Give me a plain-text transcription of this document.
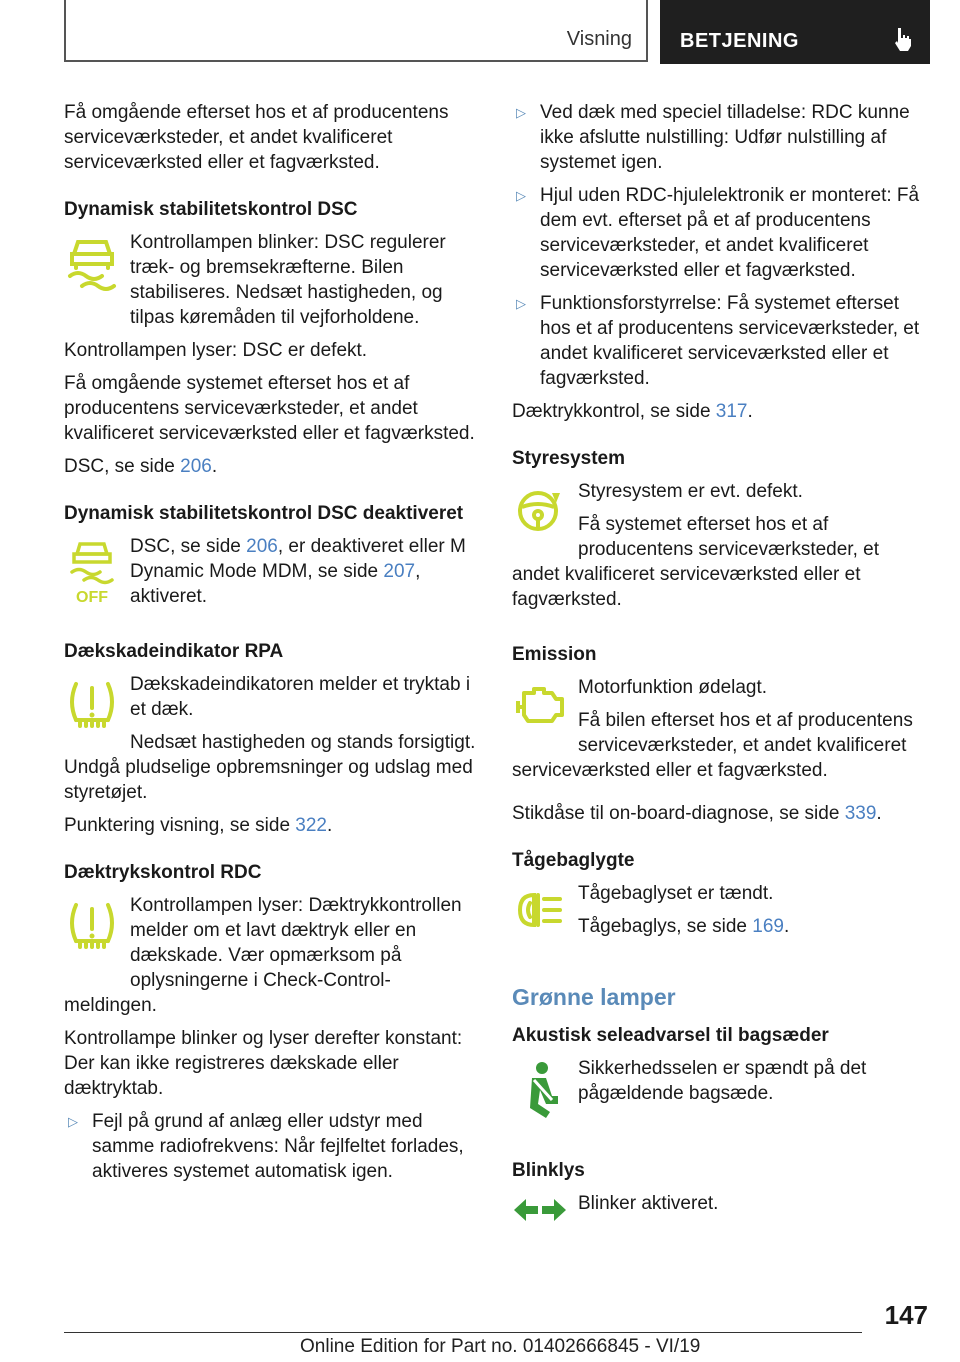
Visning BETJENING

Få omgående efterset hos et af producentens serviceværksteder, et andet kvalificeret serviceværksted eller et fagværksted.

Dynamisk stabilitetskontrol DSC

Kontrollampen blinker: DSC regulerer træk- og bremsekræfterne. Bilen stabiliseres. Nedsæt hastigheden, og tilpas køremåden til vejforholdene.

Kontrollampen lyser: DSC er defekt.

Få omgående systemet efterset hos et af producentens serviceværksteder, et andet kvalificeret serviceværksted eller et fagværksted.

DSC, se side 206.

Dynamisk stabilitetskontrol DSC deaktiveret
OFF

DSC, se side 206, er deaktiveret eller M Dynamic Mode MDM, se side 207, aktiveret.

Dækskadeindikator RPA

Dækskadeindikatoren melder et tryktab i et dæk.

Nedsæt hastigheden og stands forsigtigt. Undgå pludselige opbremsninger og udslag med styretøjet.

Punktering visning, se side 322.

Dæktrykskontrol RDC

Kontrollampen lyser: Dæktrykkontrollen melder om et lavt dæktryk eller en dækskade. Vær opmærksom på oplysningerne i Check-Control-meldingen.

Kontrollampe blinker og lyser derefter konstant: Der kan ikke registreres dækskade eller dæktryktab.

▷ Fejl på grund af anlæg eller udstyr med samme radiofrekvens: Når fejlfeltet forlades, aktiveres systemet automatisk igen.
▷ Ved dæk med speciel tilladelse: RDC kunne ikke afslutte nulstilling: Udfør nulstilling af systemet igen.
▷ Hjul uden RDC-hjulelektronik er monteret: Få dem evt. efterset på et af producentens serviceværksteder, et andet kvalificeret serviceværksted eller et fagværksted.
▷ Funktionsforstyrrelse: Få systemet efterset hos et af producentens serviceværksteder, et andet kvalificeret serviceværksted eller et fagværksted.

Dæktrykkontrol, se side 317.

Styresystem

Styresystem er evt. defekt.

Få systemet efterset hos et af producentens serviceværksteder, et andet kvalificeret serviceværksted eller et fagværksted.

Emission

Motorfunktion ødelagt.

Få bilen efterset hos et af producentens serviceværksteder, et andet kvalificeret serviceværksted eller et fagværksted.

Stikdåse til on-board-diagnose, se side 339.

Tågebaglygte

Tågebaglyset er tændt.

Tågebaglys, se side 169.

Grønne lamper
Akustisk seleadvarsel til bagsæder

Sikkerhedsselen er spændt på det pågældende bagsæde.

Blinklys

Blinker aktiveret.

147
Online Edition for Part no. 01402666845 - VI/19
